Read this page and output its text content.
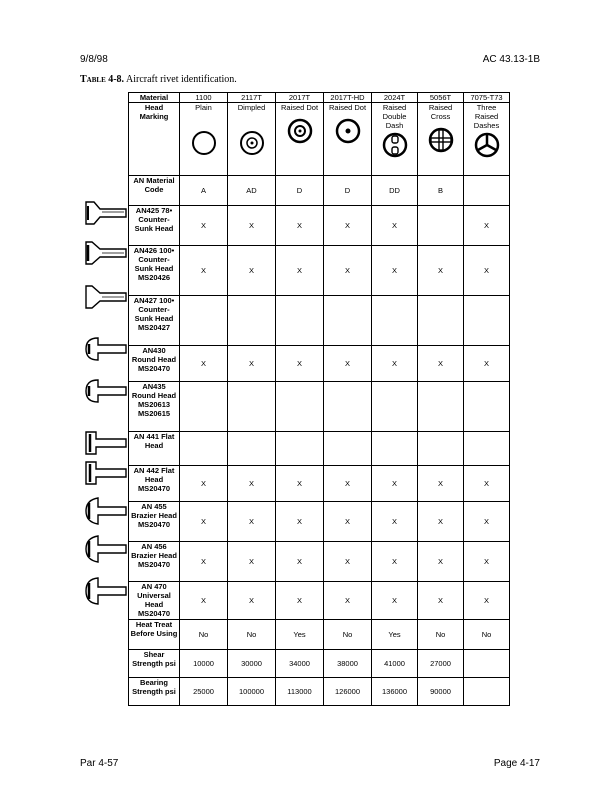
9/8/98	AC 43.13-1B
Table 4-8. Aircraft rivet identification.
Material	1100	2117T	2017T	2017T-HD	2024T	5056T	7075-T73
Head Marking	Plain	Dimpled	Raised Dot	Raised Dot	Raised Double Dash	Raised Cross	Three Raised Dashes

AN Material Code	A	AD	D	D	DD	B	
AN425 78• Counter- Sunk Head	X	X	X	X	X		X
AN426 100• Counter- Sunk Head MS20426	X	X	X	X	X	X	X
AN427 100• Counter- Sunk Head MS20427							
AN430 Round Head MS20470	X	X	X	X	X	X	X
AN435 Round Head MS20613 MS20615							
AN 441 Flat Head							
AN 442 Flat Head MS20470	X	X	X	X	X	X	X
AN 455 Brazier Head MS20470	X	X	X	X	X	X	X
AN 456 Brazier Head MS20470	X	X	X	X	X	X	X
AN 470 Universal Head MS20470	X	X	X	X	X	X	X
Heat Treat Before Using	No	No	Yes	No	Yes	No	No
Shear Strength psi	10000	30000	34000	38000	41000	27000	
Bearing Strength psi	25000	100000	113000	126000	136000	90000	
Par 4-57	Page 4-17
